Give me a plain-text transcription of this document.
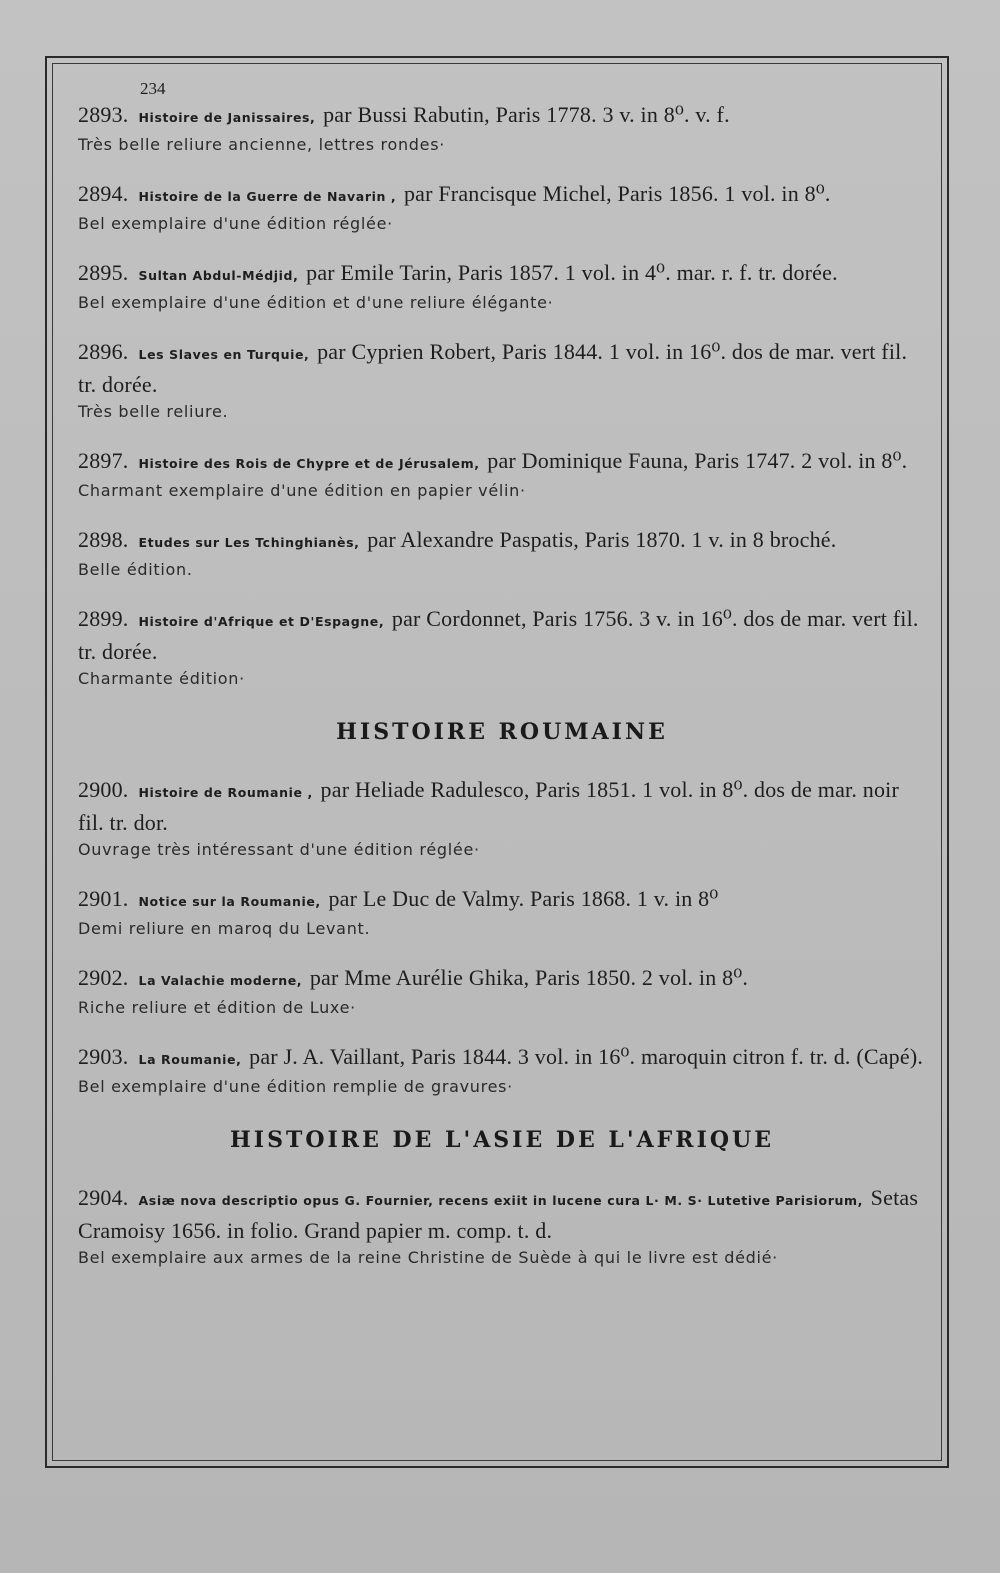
234
2893. Histoire de Janissaires, par Bussi Rabutin, Paris 1778. 3 v. in 8⁰. v. f.
Très belle reliure ancienne, lettres rondes·
2894. Histoire de la Guerre de Navarin , par Francisque Michel, Paris 1856. 1 vol. in 8⁰.
Bel exemplaire d'une édition réglée·
2895. Sultan Abdul-Médjid, par Emile Tarin, Paris 1857. 1 vol. in 4⁰. mar. r. f. tr. dorée.
Bel exemplaire d'une édition et d'une reliure élégante·
2896. Les Slaves en Turquie, par Cyprien Robert, Paris 1844. 1 vol. in 16⁰. dos de mar. vert fil. tr. dorée.
Très belle reliure.
2897. Histoire des Rois de Chypre et de Jérusalem, par Dominique Fauna, Paris 1747. 2 vol. in 8⁰.
Charmant exemplaire d'une édition en papier vélin·
2898. Etudes sur Les Tchinghianès, par Alexandre Paspatis, Paris 1870. 1 v. in 8 broché.
Belle édition.
2899. Histoire d'Afrique et D'Espagne, par Cordonnet, Paris 1756. 3 v. in 16⁰. dos de mar. vert fil. tr. dorée.
Charmante édition·
HISTOIRE ROUMAINE
2900. Histoire de Roumanie , par Heliade Radulesco, Paris 1851. 1 vol. in 8⁰. dos de mar. noir fil. tr. dor.
Ouvrage très intéressant d'une édition réglée·
2901. Notice sur la Roumanie, par Le Duc de Valmy. Paris 1868. 1 v. in 8⁰
Demi reliure en maroq du Levant.
2902. La Valachie moderne, par Mme Aurélie Ghika, Paris 1850. 2 vol. in 8⁰.
Riche reliure et édition de Luxe·
2903. La Roumanie, par J. A. Vaillant, Paris 1844. 3 vol. in 16⁰. maroquin citron f. tr. d. (Capé).
Bel exemplaire d'une édition remplie de gravures·
HISTOIRE DE L'ASIE DE L'AFRIQUE
2904. Asiæ nova descriptio opus G. Fournier, recens exiit in lucene cura L· M. S· Lutetive Parisiorum, Setas Cramoisy 1656. in folio. Grand papier m. comp. t. d.
Bel exemplaire aux armes de la reine Christine de Suède à qui le livre est dédié·
